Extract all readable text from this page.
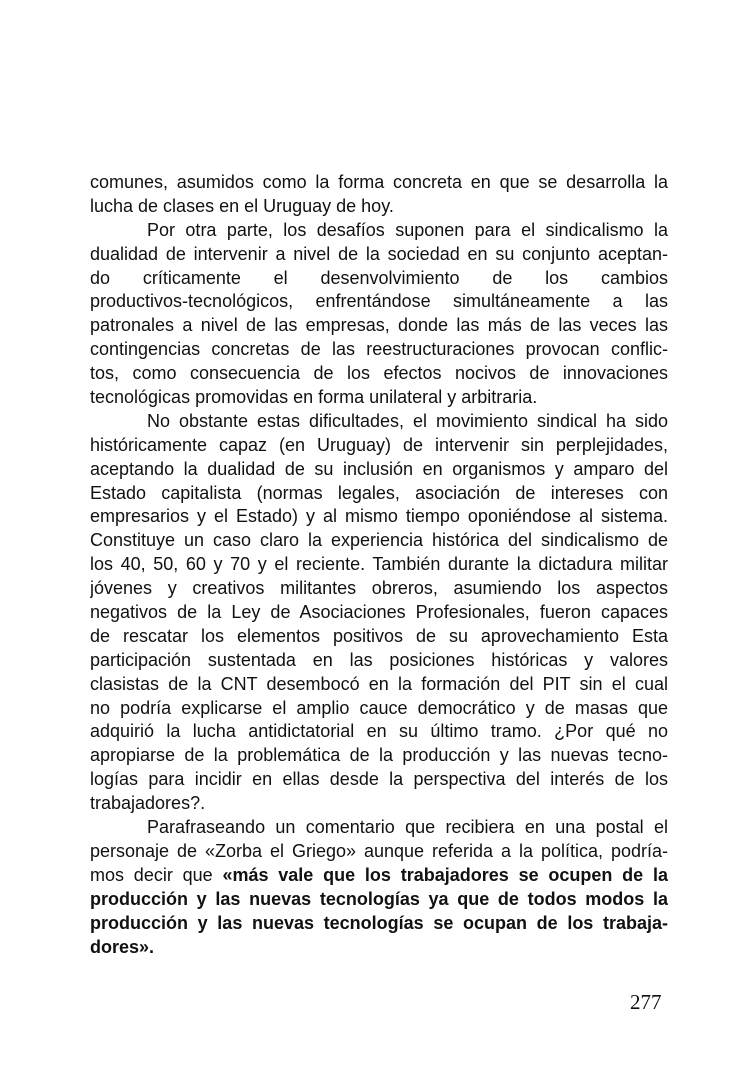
comunes, asumidos como la forma concreta en que se desarrolla la
lucha de clases en el Uruguay de hoy.
Por otra parte, los desafíos suponen para el sindicalismo la
dualidad de intervenir a nivel de la sociedad en su conjunto aceptan-
do críticamente el desenvolvimiento de los cambios
productivos-tecnológicos, enfrentándose simultáneamente a las
patronales a nivel de las empresas, donde las más de las veces las
contingencias concretas de las reestructuraciones provocan conflic-
tos, como consecuencia de los efectos nocivos de innovaciones
tecnológicas promovidas en forma unilateral y arbitraria.
No obstante estas dificultades, el movimiento sindical ha sido
históricamente capaz (en Uruguay) de intervenir sin perplejidades,
aceptando la dualidad de su inclusión en organismos y amparo del
Estado capitalista (normas legales, asociación de intereses con
empresarios y el Estado) y al mismo tiempo oponiéndose al sistema.
Constituye un caso claro la experiencia histórica del sindicalismo de
los 40, 50, 60 y 70 y el reciente. También durante la dictadura militar
jóvenes y creativos militantes obreros, asumiendo los aspectos
negativos de la Ley de Asociaciones Profesionales, fueron capaces
de rescatar los elementos positivos de su aprovechamiento Esta
participación sustentada en las posiciones históricas y valores
clasistas de la CNT desembocó en la formación del PIT sin el cual
no podría explicarse el amplio cauce democrático y de masas que
adquirió la lucha antidictatorial en su último tramo. ¿Por qué no
apropiarse de la problemática de la producción y las nuevas tecno-
logías para incidir en ellas desde la perspectiva del interés de los
trabajadores?.
Parafraseando un comentario que recibiera en una postal el
personaje de «Zorba el Griego» aunque referida a la política, podría-
mos decir que «más vale que los trabajadores se ocupen de la
producción y las nuevas tecnologías ya que de todos modos la
producción y las nuevas tecnologías se ocupan de los trabaja-
dores».
277
